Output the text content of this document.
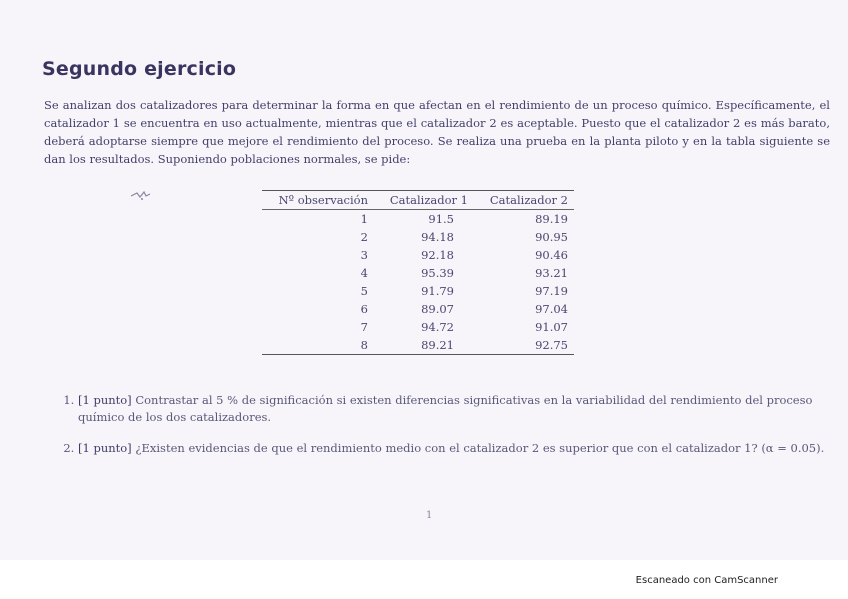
Segundo ejercicio
Se analizan dos catalizadores para determinar la forma en que afectan en el rendimiento de un proceso químico. Específicamente, el catalizador 1 se encuentra en uso actualmente, mientras que el catalizador 2 es aceptable. Puesto que el catalizador 2 es más barato, deberá adoptarse siempre que mejore el rendimiento del proceso. Se realiza una prueba en la planta piloto y en la tabla siguiente se dan los resultados. Suponiendo poblaciones normales, se pide:
Nº observación	Catalizador 1	Catalizador 2
1	91.5	89.19
2	94.18	90.95
3	92.18	90.46
4	95.39	93.21
5	91.79	97.19
6	89.07	97.04
7	94.72	91.07
8	89.21	92.75
1. [1 punto] Contrastar al 5 % de significación si existen diferencias significativas en la variabilidad del rendimiento del proceso químico de los dos catalizadores.
2. [1 punto] ¿Existen evidencias de que el rendimiento medio con el catalizador 2 es superior que con el catalizador 1? (α = 0.05).
1
Escaneado con CamScanner
